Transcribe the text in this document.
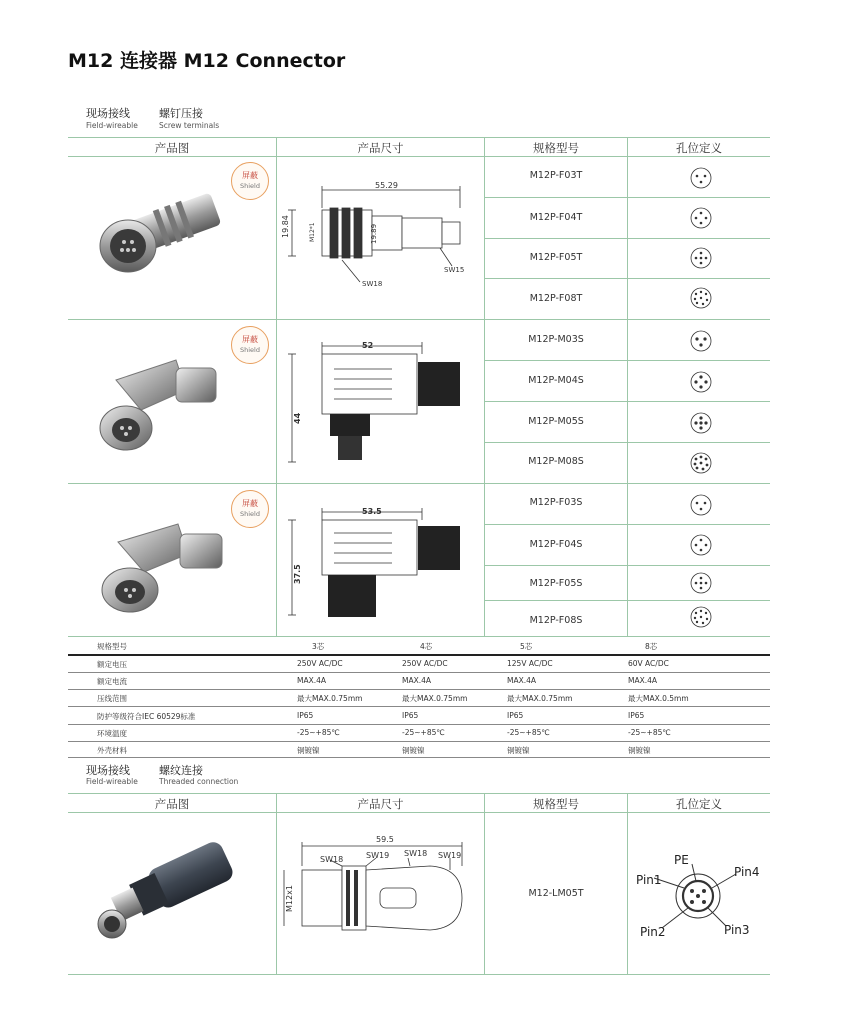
M12 连接器 M12 Connector
现场接线	螺钉压接
Field-wireable	Screw terminals
产品图	产品尺寸	规格型号	孔位定义
屏蔽
Shield	55.29
19.84	M12*1	19.89
SW18
SW15
M12P-F03T
M12P-F04T
M12P-F05T
M12P-F08T
屏蔽
Shield	52
44
M12P-M03S
M12P-M04S
M12P-M05S
M12P-M08S
屏蔽
Shield	53.5
37.5
M12P-F03S
M12P-F04S
M12P-F05S
M12P-F08S
规格型号	3芯	4芯	5芯	8芯
额定电压	250V AC/DC	250V AC/DC	125V AC/DC	60V AC/DC
额定电流	MAX.4A	MAX.4A	MAX.4A	MAX.4A
压线范围	最大MAX.0.75mm	最大MAX.0.75mm	最大MAX.0.75mm	最大MAX.0.5mm
防护等级符合IEC 60529标准	IP65	IP65	IP65	IP65
环境温度	-25~+85℃	-25~+85℃	-25~+85℃	-25~+85℃
外壳材料	铜镀镍	铜镀镍	铜镀镍	铜镀镍
现场接线	螺纹连接
Field-wireable	Threaded connection
产品图	产品尺寸	规格型号	孔位定义
59.5
SW18	SW19 SW18 SW19
M12x1	M12-LM05T
PE
Pin1
Pin4
Pin2	Pin3
